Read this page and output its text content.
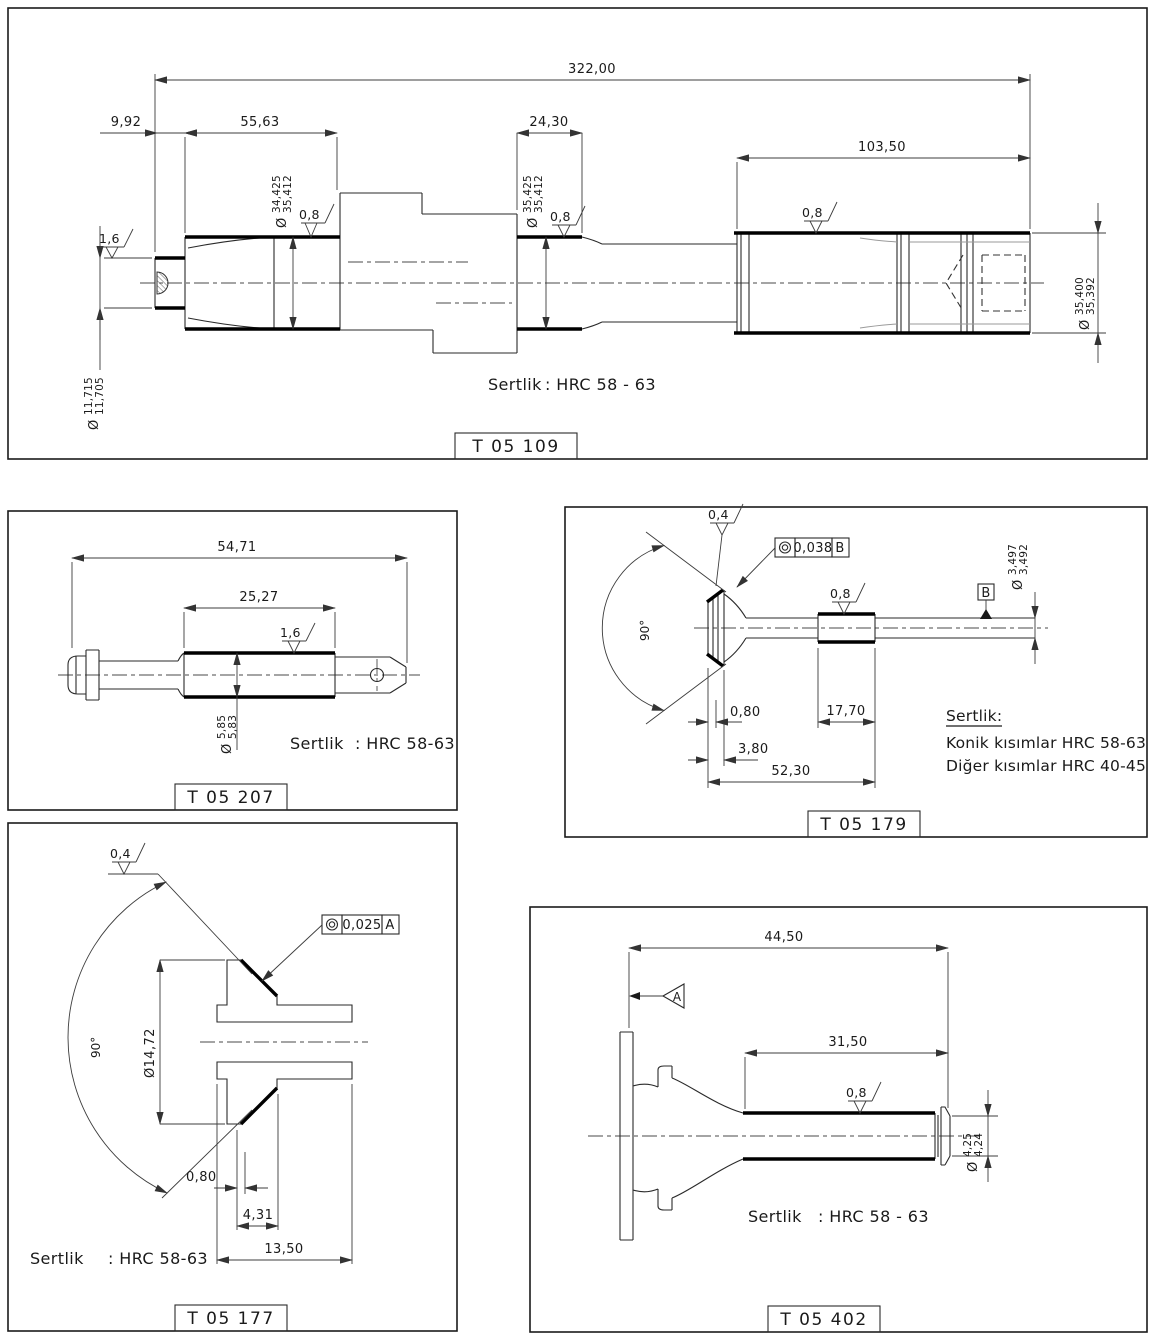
322,00
9,92	55,63	24,30
103,50
Ø
34,425 35,412
Ø
35,425 35,412
Ø
35,400 35,392
Ø
11,715 11,705
0,8	0,8	0,8
1,6
Sertlik : HRC 58 - 63
T 05 109
54,71
25,27
Ø
5,85 5,83
1,6
Sertlik : HRC 58-63
T 05 207
90°
0,4
0,038 B
B
0,8
Ø
3,497 3,492
0,80
3,80
17,70
52,30
Sertlik:
Konik kısımlar HRC 58-63
Diğer kısımlar HRC 40-45
T 05 179
90°
0,4
0,025 A
Ø14,72
0,80
4,31
13,50
Sertlik : HRC 58-63
T 05 177
A
0,8
44,50
31,50
Ø
4,25 4,24
Sertlik : HRC 58 - 63
T 05 402
